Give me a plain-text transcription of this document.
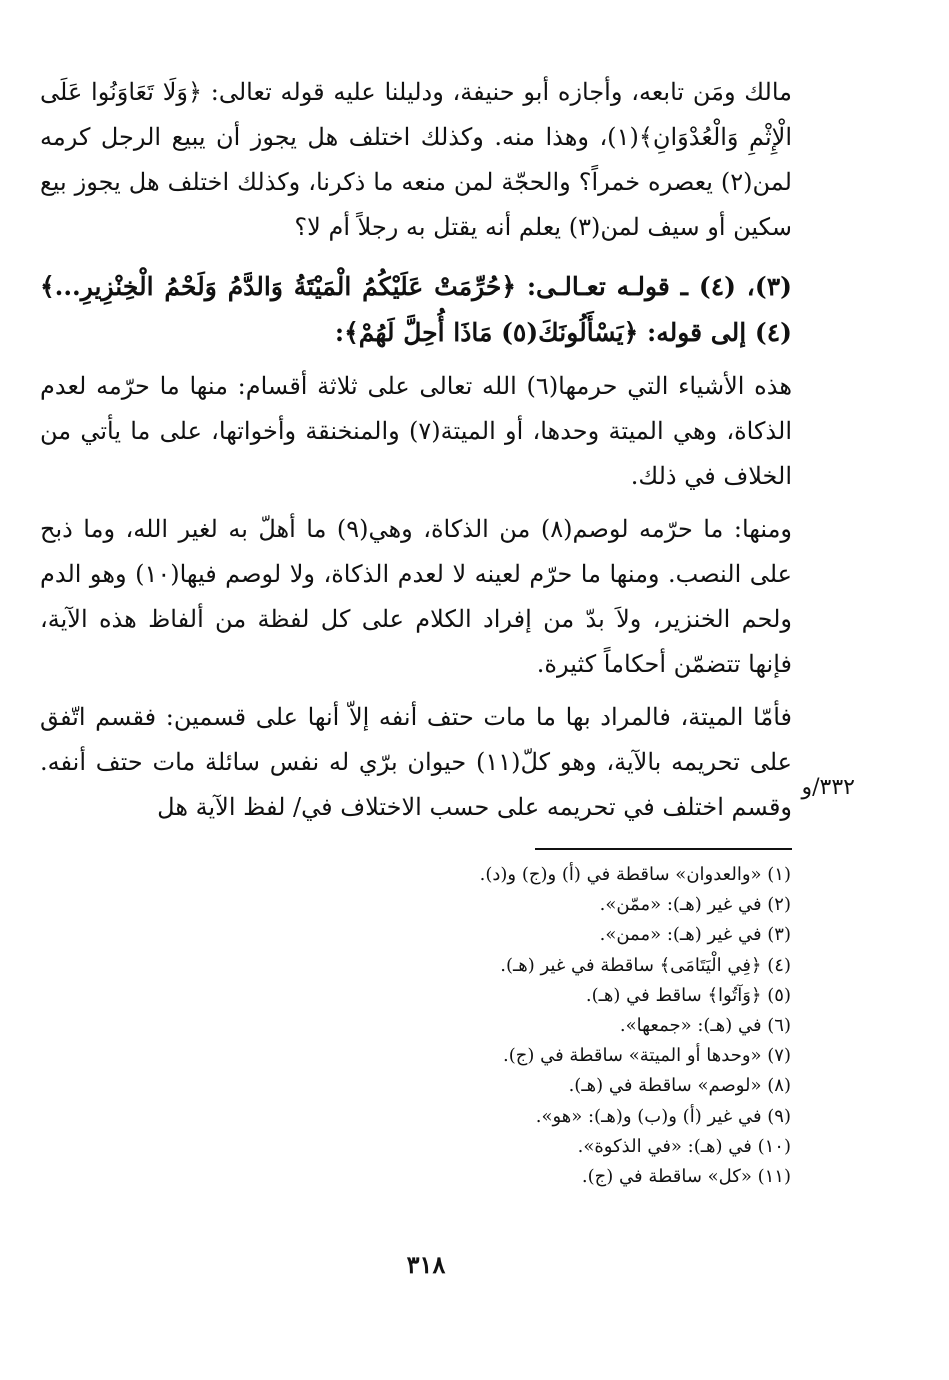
مالك ومَن تابعه، وأجازه أبو حنيفة، ودليلنا عليه قوله تعالى: ﴿وَلَا تَعَاوَنُوا عَلَى الْإِثْمِ وَالْعُدْوَانِ﴾(١)، وهذا منه. وكذلك اختلف هل يجوز أن يبيع الرجل كرمه لمن(٢) يعصره خمراً؟ والحجّة لمن منعه ما ذكرنا، وكذلك اختلف هل يجوز بيع سكين أو سيف لمن(٣) يعلم أنه يقتل به رجلاً أم لا؟

(٣)، (٤) ـ قولـه تعـالـى: ﴿حُرِّمَتْ عَلَيْكُمُ الْمَيْتَةُ وَالدَّمُ وَلَحْمُ الْخِنْزِيرِ...﴾(٤) إلى قوله: ﴿يَسْأَلُونَكَ(٥) مَاذَا أُحِلَّ لَهُمْ﴾:

هذه الأشياء التي حرمها(٦) الله تعالى على ثلاثة أقسام: منها ما حرّمه لعدم الذكاة، وهي الميتة وحدها، أو الميتة(٧) والمنخنقة وأخواتها، على ما يأتي من الخلاف في ذلك.

ومنها: ما حرّمه لوصم(٨) من الذكاة، وهي(٩) ما أهلّ به لغير الله، وما ذبح على النصب. ومنها ما حرّم لعينه لا لعدم الذكاة، ولا لوصم فيها(١٠) وهو الدم ولحم الخنزير، ولاَ بدّ من إفراد الكلام على كل لفظة من ألفاظ هذه الآية، فإنها تتضمّن أحكاماً كثيرة.

فأمّا الميتة، فالمراد بها ما مات حتف أنفه إلاّ أنها على قسمين: فقسم اتّفق على تحريمه بالآية، وهو كلّ(١١) حيوان برّي له نفس سائلة مات حتف أنفه. وقسم اختلف في تحريمه على حسب الاختلاف في/ لفظ الآية هل

٣٣٢/و
(١) «والعدوان» ساقطة في (أ) و(ج) و(د).
(٢) في غير (هـ): «ممّن».
(٣) في غير (هـ): «ممن».
(٤) ﴿فِي الْيَتَامَى﴾ ساقطة في غير (هـ).
(٥) ﴿وَآتُوا﴾ ساقط في (هـ).
(٦) في (هـ): «جمعها».
(٧) «وحدها أو الميتة» ساقطة في (ج).
(٨) «لوصم» ساقطة في (هـ).
(٩) في غير (أ) و(ب) و(هـ): «هو».
(١٠) في (هـ): «في الذكوة».
(١١) «كل» ساقطة في (ج).
٣١٨
